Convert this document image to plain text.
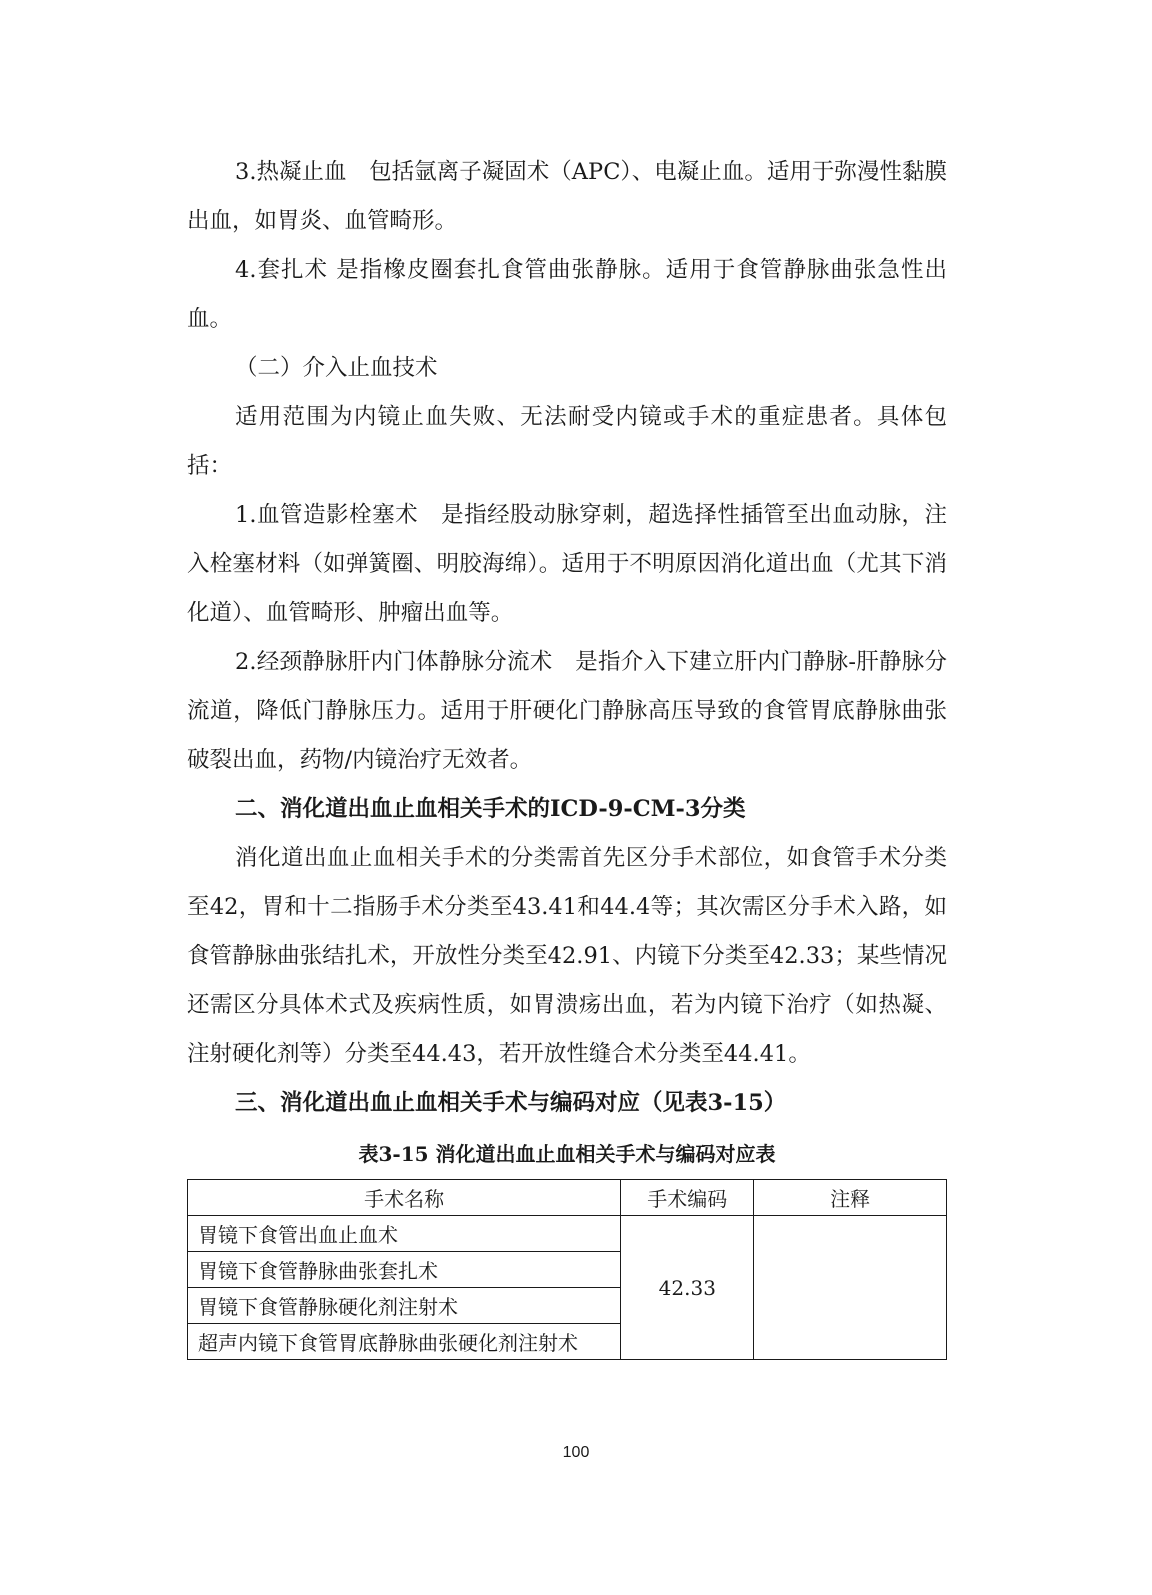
3.热凝止血　包括氩离子凝固术（APC）、电凝止血。适用于弥漫性黏膜出血，如胃炎、血管畸形。

4.套扎术 是指橡皮圈套扎食管曲张静脉。适用于食管静脉曲张急性出血。

（二）介入止血技术

适用范围为内镜止血失败、无法耐受内镜或手术的重症患者。具体包括：

1.血管造影栓塞术　是指经股动脉穿刺，超选择性插管至出血动脉，注入栓塞材料（如弹簧圈、明胶海绵）。适用于不明原因消化道出血（尤其下消化道）、血管畸形、肿瘤出血等。

2.经颈静脉肝内门体静脉分流术　是指介入下建立肝内门静脉-肝静脉分流道，降低门静脉压力。适用于肝硬化门静脉高压导致的食管胃底静脉曲张破裂出血，药物/内镜治疗无效者。

二、消化道出血止血相关手术的ICD-9-CM-3分类

消化道出血止血相关手术的分类需首先区分手术部位，如食管手术分类至42，胃和十二指肠手术分类至43.41和44.4等；其次需区分手术入路，如食管静脉曲张结扎术，开放性分类至42.91、内镜下分类至42.33；某些情况还需区分具体术式及疾病性质，如胃溃疡出血，若为内镜下治疗（如热凝、注射硬化剂等）分类至44.43，若开放性缝合术分类至44.41。

三、消化道出血止血相关手术与编码对应（见表3-15）

表3-15 消化道出血止血相关手术与编码对应表
手术名称	手术编码	注释
胃镜下食管出血止血术	42.33	
胃镜下食管静脉曲张套扎术		
胃镜下食管静脉硬化剂注射术		
超声内镜下食管胃底静脉曲张硬化剂注射术		
100
